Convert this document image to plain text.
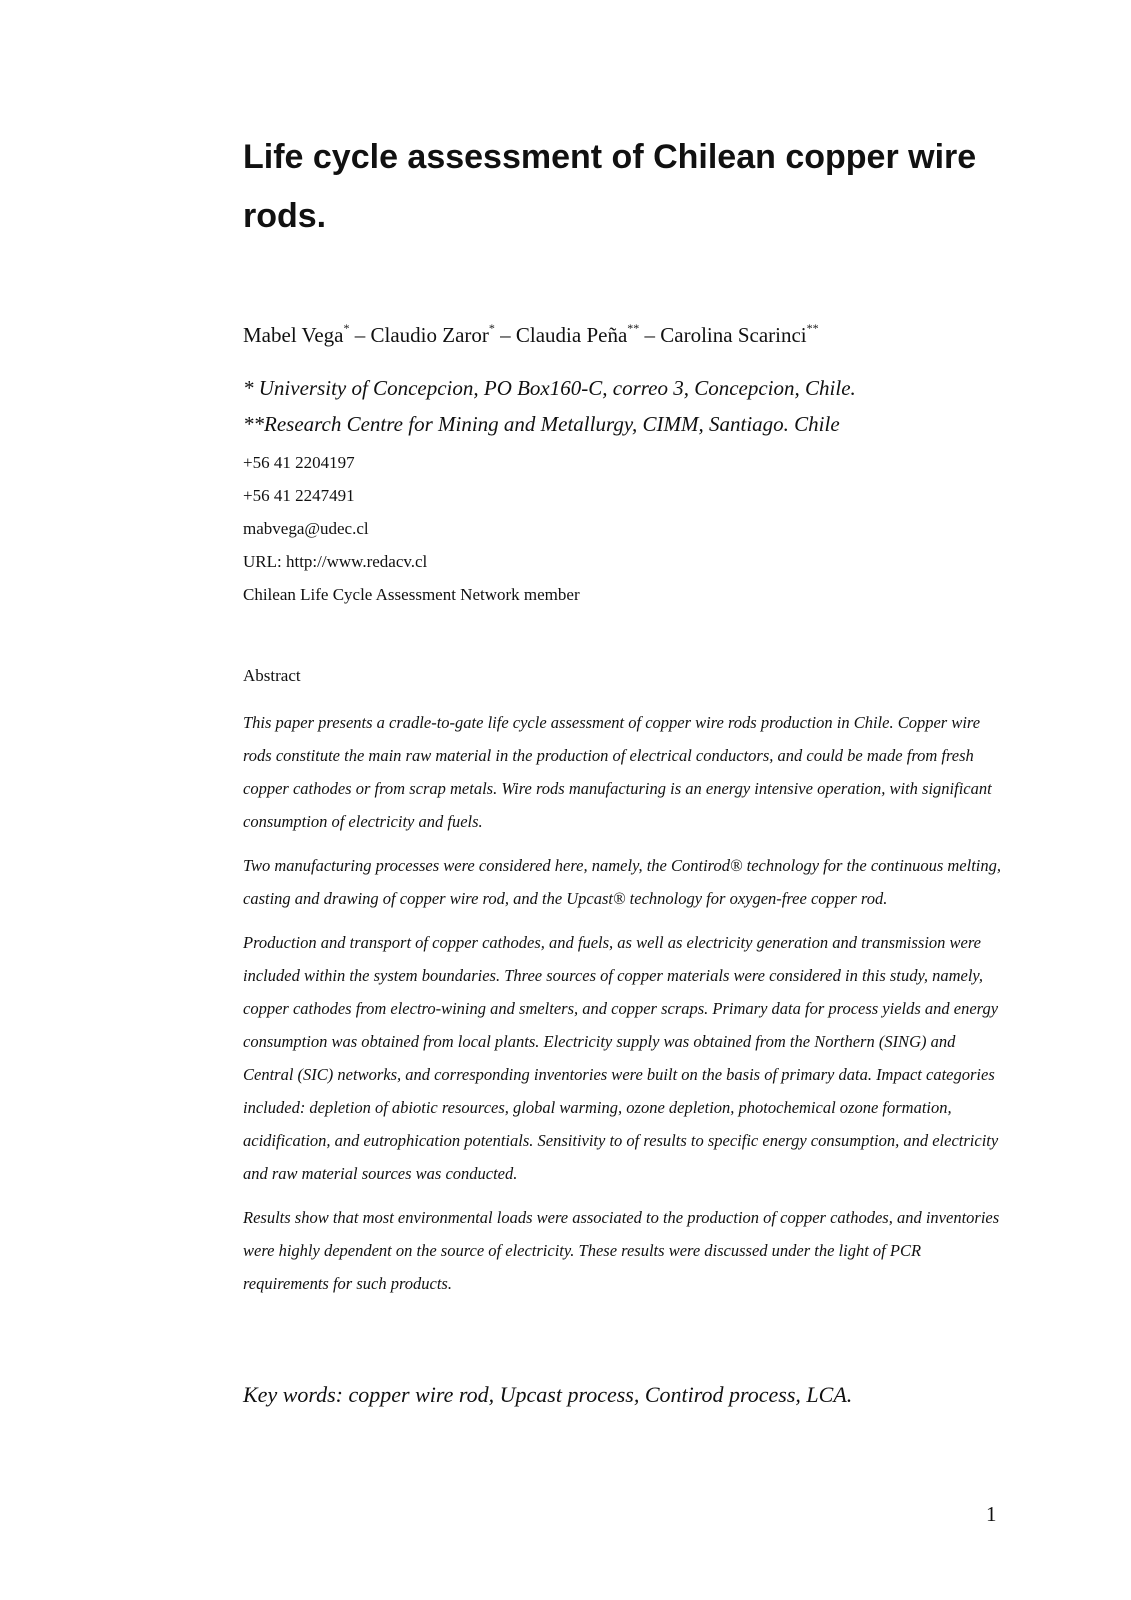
Life cycle assessment of Chilean copper wire rods.
Mabel Vega* – Claudio Zaror* – Claudia Peña** – Carolina Scarinci**
* University of Concepcion, PO Box160-C, correo 3, Concepcion, Chile.
**Research Centre for Mining and Metallurgy, CIMM, Santiago. Chile
+56 41 2204197
+56 41 2247491
mabvega@udec.cl
URL: http://www.redacv.cl
Chilean Life Cycle Assessment Network member
Abstract

This paper presents a cradle-to-gate life cycle assessment of copper wire rods production in Chile. Copper wire rods constitute the main raw material in the production of electrical conductors, and could be made from fresh copper cathodes or from scrap metals. Wire rods manufacturing is an energy intensive operation, with significant consumption of electricity and fuels.

Two manufacturing processes were considered here, namely, the Contirod® technology for the continuous melting, casting and drawing of copper wire rod, and the Upcast® technology for oxygen-free copper rod.

Production and transport of copper cathodes, and fuels, as well as electricity generation and transmission were included within the system boundaries. Three sources of copper materials were considered in this study, namely, copper cathodes from electro-wining and smelters, and copper scraps. Primary data for process yields and energy consumption was obtained from local plants. Electricity supply was obtained from the Northern (SING) and Central (SIC) networks, and corresponding inventories were built on the basis of primary data. Impact categories included: depletion of abiotic resources, global warming, ozone depletion, photochemical ozone formation, acidification, and eutrophication potentials. Sensitivity to of results to specific energy consumption, and electricity and raw material sources was conducted.

Results show that most environmental loads were associated to the production of copper cathodes, and inventories were highly dependent on the source of electricity. These results were discussed under the light of PCR requirements for such products.

Key words: copper wire rod, Upcast process, Contirod process, LCA.
1
